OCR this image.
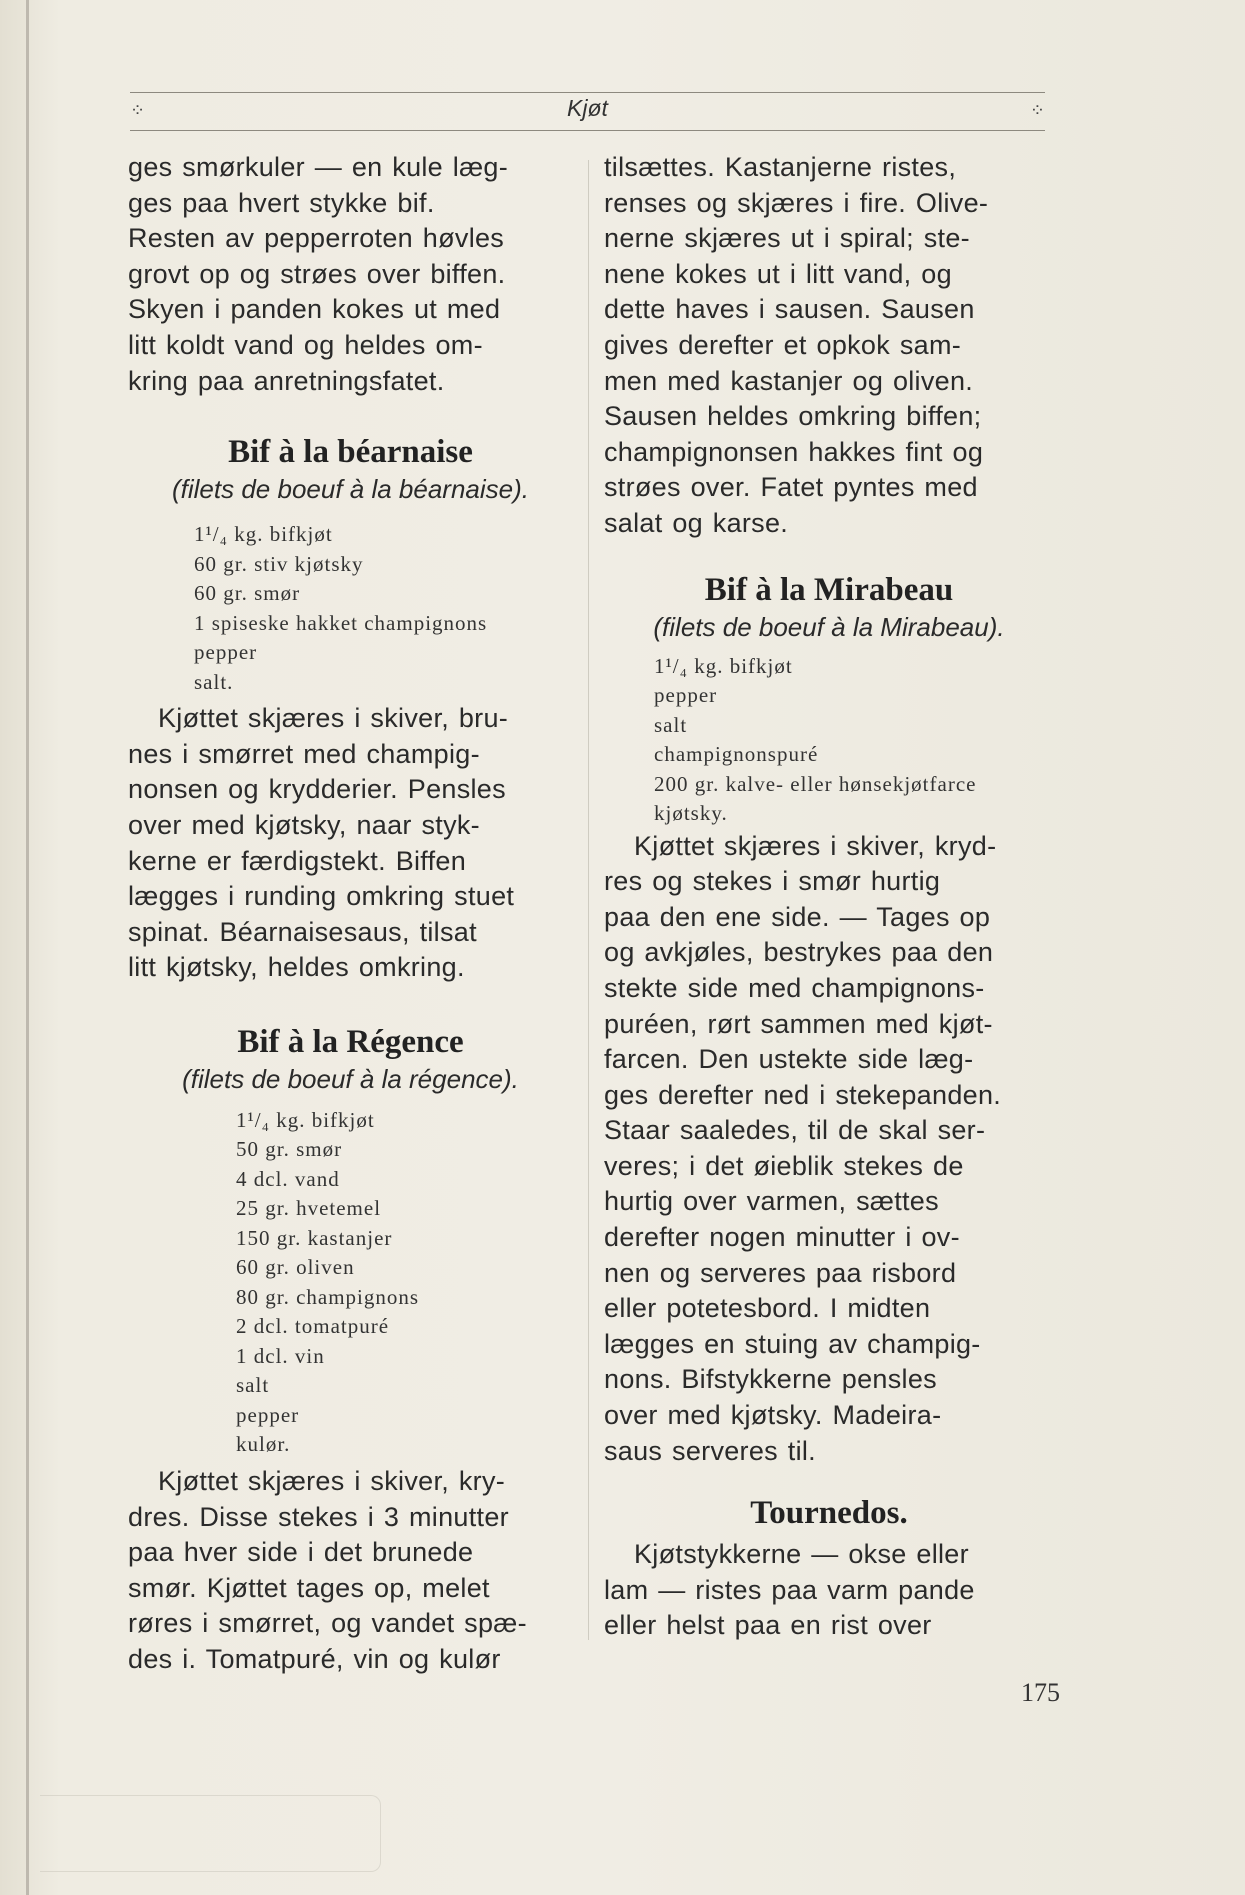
⁘	Kjøt	⁘

ges smørkuler — en kule læg-

ges paa hvert stykke bif.

Resten av pepperroten høvles

grovt op og strøes over biffen.

Skyen i panden kokes ut med

litt koldt vand og heldes om-

kring paa anretningsfatet.

Bif à la béarnaise

(filets de boeuf à la béarnaise).

1¹/₄ kg. bifkjøt
60 gr. stiv kjøtsky
60 gr. smør
1 spiseske hakket champignons
pepper
salt.

Kjøttet skjæres i skiver, bru-

nes i smørret med champig-

nonsen og krydderier. Pensles

over med kjøtsky, naar styk-

kerne er færdigstekt. Biffen

lægges i runding omkring stuet

spinat. Béarnaisesaus, tilsat

litt kjøtsky, heldes omkring.

Bif à la Régence

(filets de boeuf à la régence).

1¹/₄ kg. bifkjøt
50 gr. smør
4 dcl. vand
25 gr. hvetemel
150 gr. kastanjer
60 gr. oliven
80 gr. champignons
2 dcl. tomatpuré
1 dcl. vin
salt
pepper
kulør.

Kjøttet skjæres i skiver, kry-

dres. Disse stekes i 3 minutter

paa hver side i det brunede

smør. Kjøttet tages op, melet

røres i smørret, og vandet spæ-

des i. Tomatpuré, vin og kulør

tilsættes. Kastanjerne ristes,

renses og skjæres i fire. Olive-

nerne skjæres ut i spiral; ste-

nene kokes ut i litt vand, og

dette haves i sausen. Sausen

gives derefter et opkok sam-

men med kastanjer og oliven.

Sausen heldes omkring biffen;

champignonsen hakkes fint og

strøes over. Fatet pyntes med

salat og karse.

Bif à la Mirabeau

(filets de boeuf à la Mirabeau).

1¹/₄ kg. bifkjøt
pepper
salt
champignonspuré
200 gr. kalve- eller hønsekjøtfarce
kjøtsky.

Kjøttet skjæres i skiver, kryd-

res og stekes i smør hurtig

paa den ene side. — Tages op

og avkjøles, bestrykes paa den

stekte side med champignons-

puréen, rørt sammen med kjøt-

farcen. Den ustekte side læg-

ges derefter ned i stekepanden.

Staar saaledes, til de skal ser-

veres; i det øieblik stekes de

hurtig over varmen, sættes

derefter nogen minutter i ov-

nen og serveres paa risbord

eller potetesbord. I midten

lægges en stuing av champig-

nons. Bifstykkerne pensles

over med kjøtsky. Madeira-

saus serveres til.

Tournedos.

Kjøtstykkerne — okse eller

lam — ristes paa varm pande

eller helst paa en rist over

175
